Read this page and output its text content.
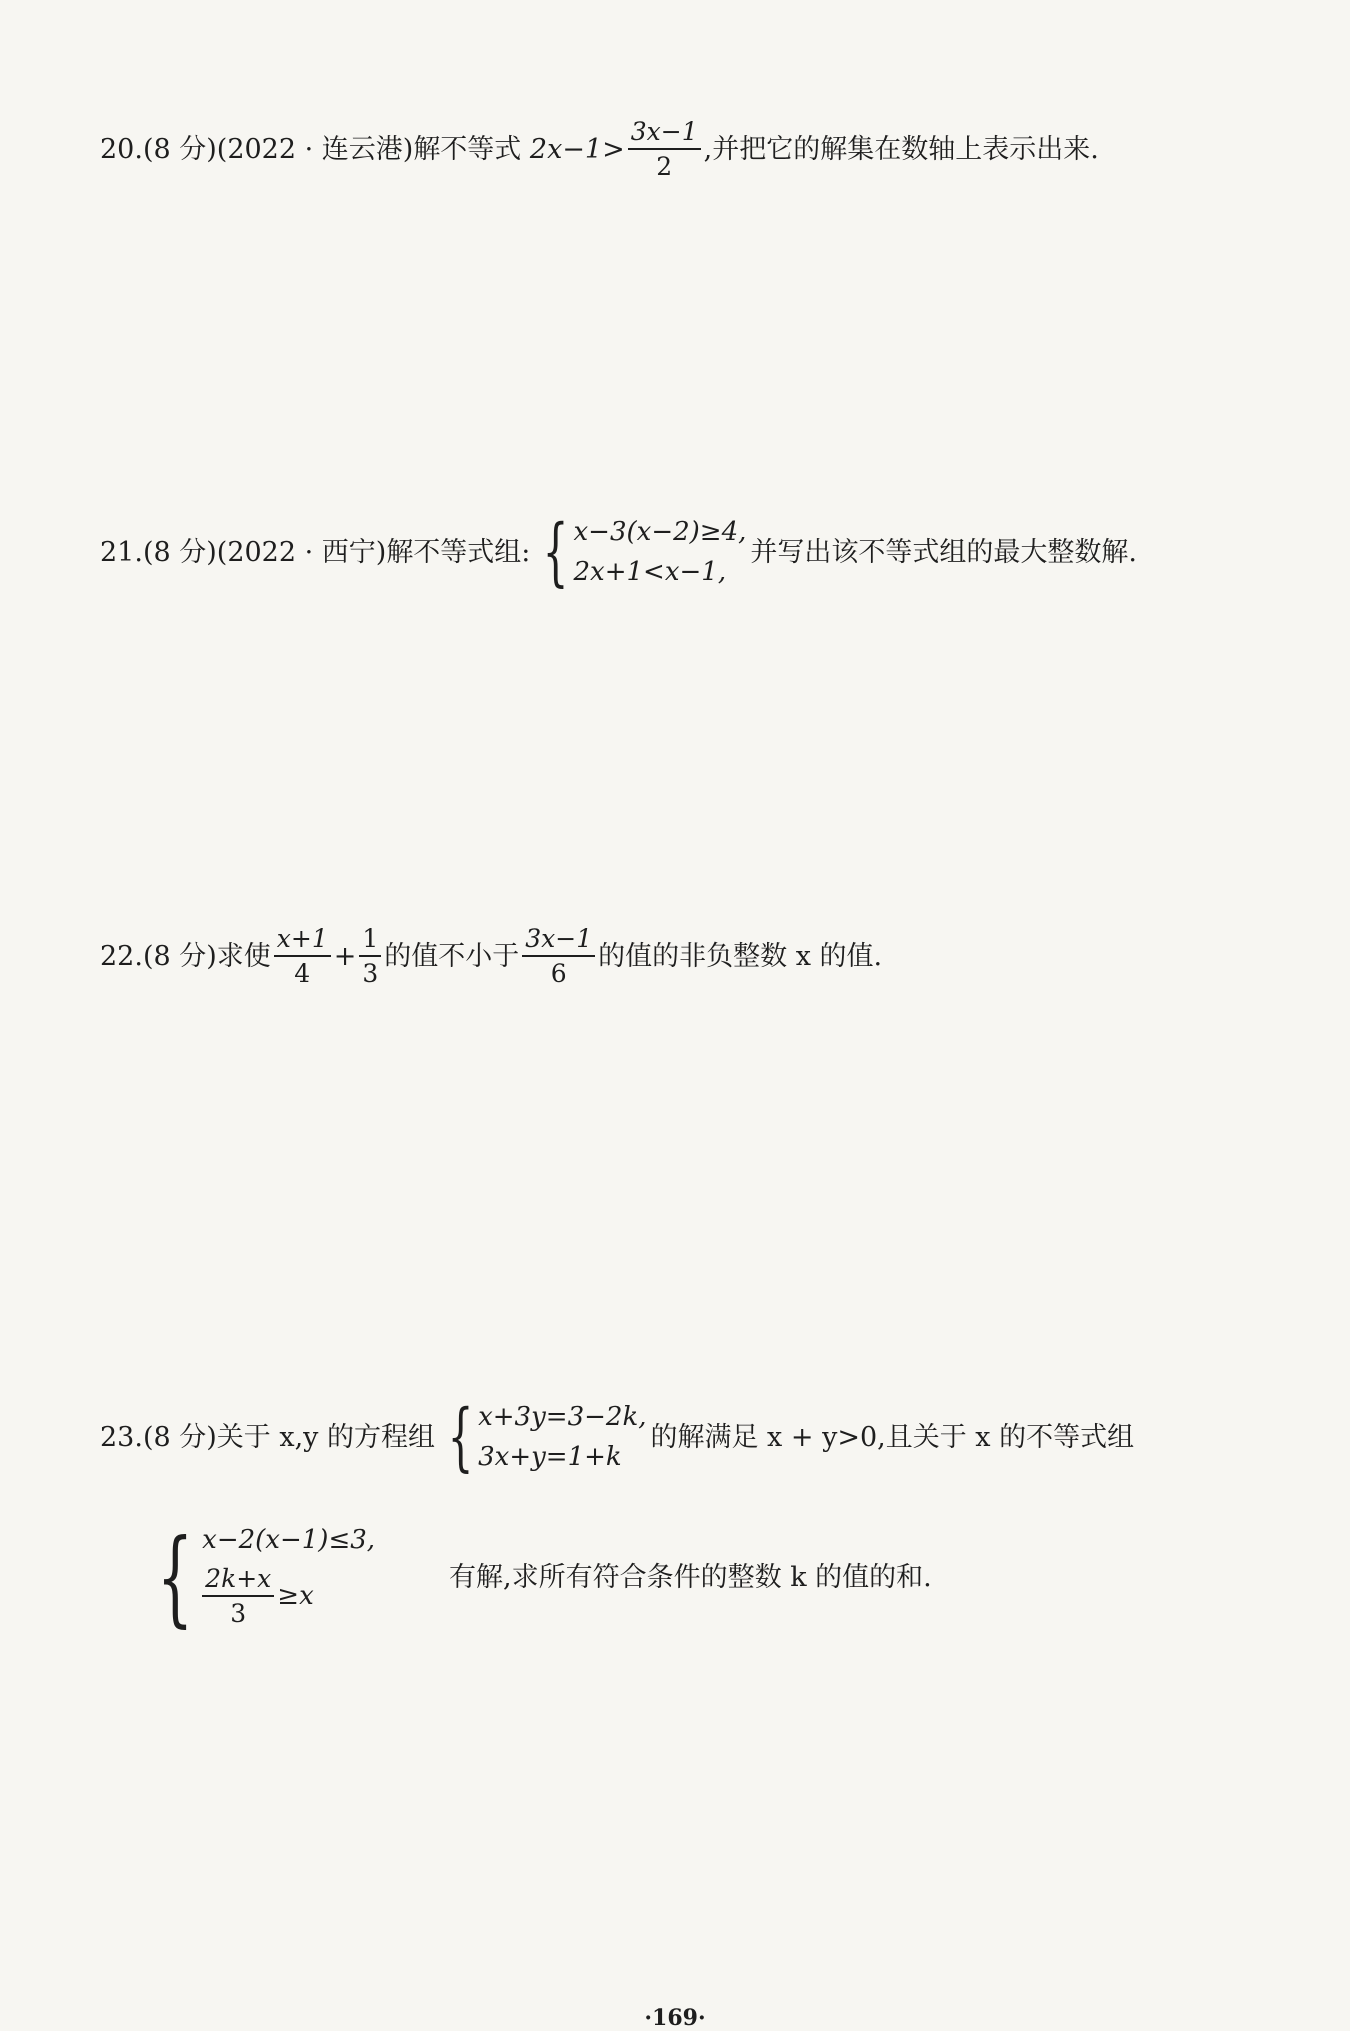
20. (8 分) (2022 · 连云港) 解不等式 $2x-1> \frac{3x-1}{2}$ ,并把它的解集在数轴上表示出来.
21. (8 分) (2022 · 西宁) 解不等式组: { x−3(x−2)≥4,
2x+1<x−1,
并写出该不等式组的最大整数解.
22. (8 分) 求使 $\frac{x+1}{4} + \frac{1}{3}$ 的值不小于 $\frac{3x-1}{6}$ 的值的非负整数 x 的值.
23. (8 分) 关于 x,y 的方程组 { x+3y=3−2k,
3x+y=1+k
的解满足 x + y>0,且关于 x 的不等式组
{ x−2(x−1)≤3,
$\frac{2k+x}{3} \ge x$
有解,求所有符合条件的整数 k 的值的和.
·169·
